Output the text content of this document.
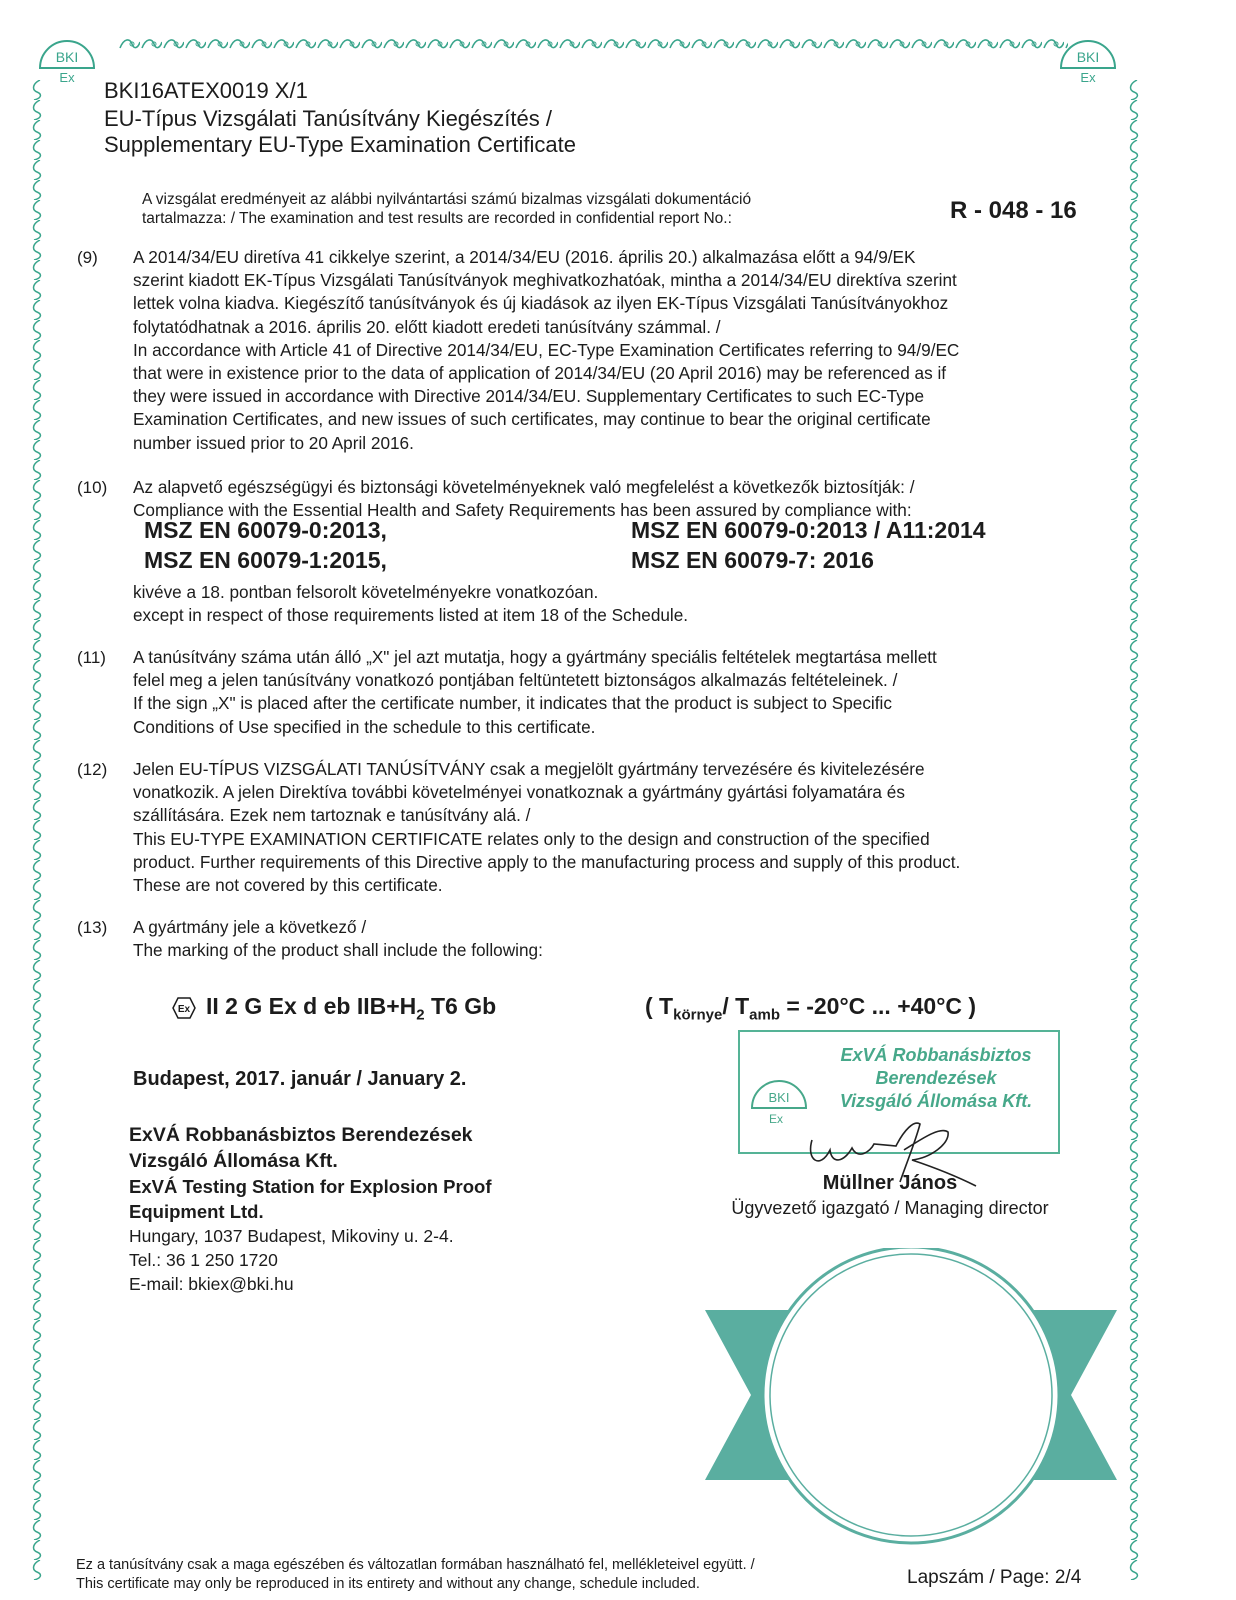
BKI
Ex
BKI
Ex
BKI16ATEX0019 X/1
EU-Típus Vizsgálati Tanúsítvány Kiegészítés /
Supplementary EU-Type Examination Certificate
A vizsgálat eredményeit az alábbi nyilvántartási számú bizalmas vizsgálati dokumentáció
tartalmazza: / The examination and test results are recorded in confidential report No.:	R - 048 - 16
(9) A 2014/34/EU diretíva 41 cikkelye szerint, a 2014/34/EU (2016. április 20.) alkalmazása előtt a 94/9/EK
szerint kiadott EK-Típus Vizsgálati Tanúsítványok meghivatkozhatóak, mintha a 2014/34/EU direktíva szerint
lettek volna kiadva. Kiegészítő tanúsítványok és új kiadások az ilyen EK-Típus Vizsgálati Tanúsítványokhoz
folytatódhatnak a 2016. április 20. előtt kiadott eredeti tanúsítvány számmal. /
In accordance with Article 41 of Directive 2014/34/EU, EC-Type Examination Certificates referring to 94/9/EC
that were in existence prior to the data of application of 2014/34/EU (20 April 2016) may be referenced as if
they were issued in accordance with Directive 2014/34/EU. Supplementary Certificates to such EC-Type
Examination Certificates, and new issues of such certificates, may continue to bear the original certificate
number issued prior to 20 April 2016.
(10) Az alapvető egészségügyi és biztonsági követelményeknek való megfelelést a következők biztosítják: /
Compliance with the Essential Health and Safety Requirements has been assured by compliance with:
MSZ EN 60079-0:2013,	MSZ EN 60079-0:2013 / A11:2014
MSZ EN 60079-1:2015,	MSZ EN 60079-7: 2016
kivéve a 18. pontban felsorolt követelményekre vonatkozóan.
except in respect of those requirements listed at item 18 of the Schedule.
(11) A tanúsítvány száma után álló „X" jel azt mutatja, hogy a gyártmány speciális feltételek megtartása mellett
felel meg a jelen tanúsítvány vonatkozó pontjában feltüntetett biztonságos alkalmazás feltételeinek. /
If the sign „X" is placed after the certificate number, it indicates that the product is subject to Specific
Conditions of Use specified in the schedule to this certificate.
(12) Jelen EU-TÍPUS VIZSGÁLATI TANÚSÍTVÁNY csak a megjelölt gyártmány tervezésére és kivitelezésére
vonatkozik. A jelen Direktíva további követelményei vonatkoznak a gyártmány gyártási folyamatára és
szállítására. Ezek nem tartoznak e tanúsítvány alá. /
This EU-TYPE EXAMINATION CERTIFICATE relates only to the design and construction of the specified
product. Further requirements of this Directive apply to the manufacturing process and supply of this product.
These are not covered by this certificate.
(13) A gyártmány jele a következő /
The marking of the product shall include the following:
Ex II 2 G Ex d eb $IIB+H_2$ T6 Gb	( $T_{környe}/$ $T_{amb} = -20^\circ C$ ... +40°C )
Budapest, 2017. január / January 2.
ExVÁ Robbanásbiztos Berendezések
Vizsgáló Állomása Kft.
ExVÁ Testing Station for Explosion Proof
Equipment Ltd.
Hungary, 1037 Budapest, Mikoviny u. 2-4.
Tel.: 36 1 250 1720
E-mail: bkiex@bki.hu
BKI
Ex
ExVÁ Robbanásbiztos
Berendezések
Vizsgáló Állomása Kft.
Müllner János
Ügyvezető igazgató / Managing director
Ez a tanúsítvány csak a maga egészében és változatlan formában használható fel, mellékleteivel együtt. /
This certificate may only be reproduced in its entirety and without any change, schedule included.	Lapszám / Page: 2/4
